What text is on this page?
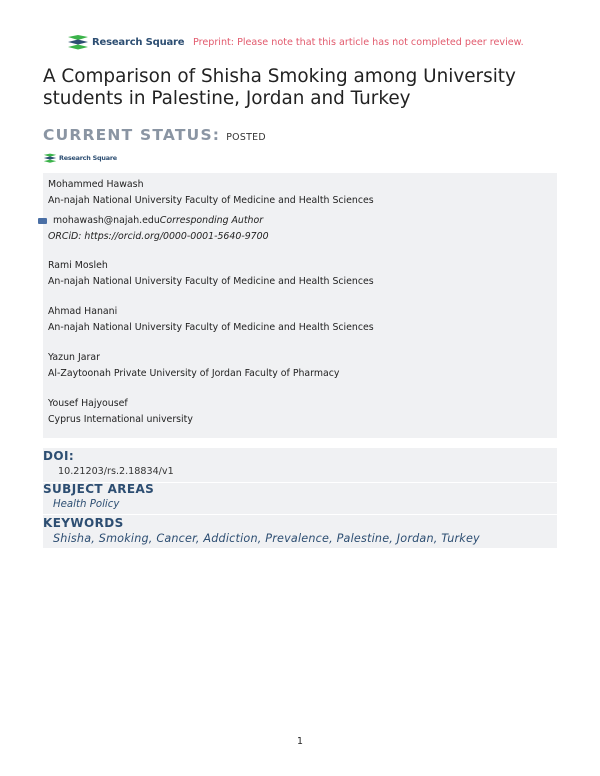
Research Square Preprint: Please note that this article has not completed peer review.
A Comparison of Shisha Smoking among University students in Palestine, Jordan and Turkey
CURRENT STATUS: POSTED
Research Square
Mohammed Hawash
An-najah National University Faculty of Medicine and Health Sciences
mohawash@najah.edu Corresponding Author
ORCiD: https://orcid.org/0000-0001-5640-9700
Rami Mosleh
An-najah National University Faculty of Medicine and Health Sciences
Ahmad Hanani
An-najah National University Faculty of Medicine and Health Sciences
Yazun Jarar
Al-Zaytoonah Private University of Jordan Faculty of Pharmacy
Yousef Hajyousef
Cyprus International university
DOI:
10.21203/rs.2.18834/v1
SUBJECT AREAS
Health Policy
KEYWORDS
Shisha, Smoking, Cancer, Addiction, Prevalence, Palestine, Jordan, Turkey
1
